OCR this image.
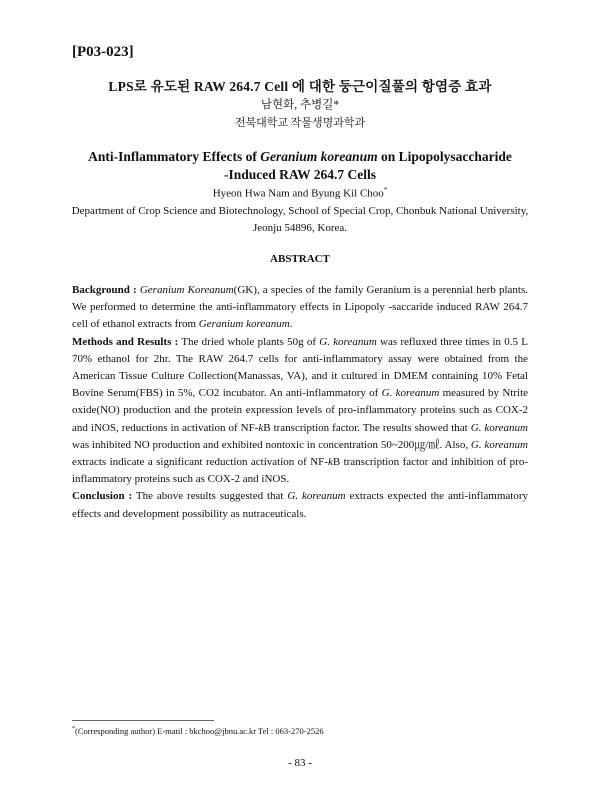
[P03-023]
LPS로 유도된 RAW 264.7 Cell 에 대한 둥근이질풀의 항염증 효과
남현화, 추병길*
전북대학교 작물생명과학과
Anti-Inflammatory Effects of Geranium koreanum on Lipopolysaccharide
-Induced RAW 264.7 Cells
Hyeon Hwa Nam and Byung Kil Choo*
Department of Crop Science and Biotechnology, School of Special Crop, Chonbuk National University, Jeonju 54896, Korea.
ABSTRACT

Background : Geranium Koreanum(GK), a species of the family Geranium is a perennial herb plants. We performed to determine the anti-inflammatory effects in Lipopoly -saccaride induced RAW 264.7 cell of ethanol extracts from Geranium koreanum.

Methods and Results : The dried whole plants 50g of G. koreanum was refluxed three times in 0.5 L 70% ethanol for 2hr. The RAW 264.7 cells for anti-inflammatory assay were obtained from the American Tissue Culture Collection(Manassas, VA), and it cultured in DMEM containing 10% Fetal Bovine Serum(FBS) in 5%, CO2 incubator. An anti-inflammatory of G. koreanum measured by Ntrite oxide(NO) production and the protein expression levels of pro-inflammatory proteins such as COX-2 and iNOS, reductions in activation of NF-kB transcription factor. The results showed that G. koreanum was inhibited NO production and exhibited nontoxic in concentration 50~200㎍/㎖. Also, G. koreanum extracts indicate a significant reduction activation of NF-kB transcription factor and inhibition of pro-inflammatory proteins such as COX-2 and iNOS.

Conclusion : The above results suggested that G. koreanum extracts expected the anti-inflammatory effects and development possibility as nutraceuticals.

*(Corresponding author) E-matil : bkchoo@jbnu.ac.kr Tel : 063-270-2526
- 83 -
